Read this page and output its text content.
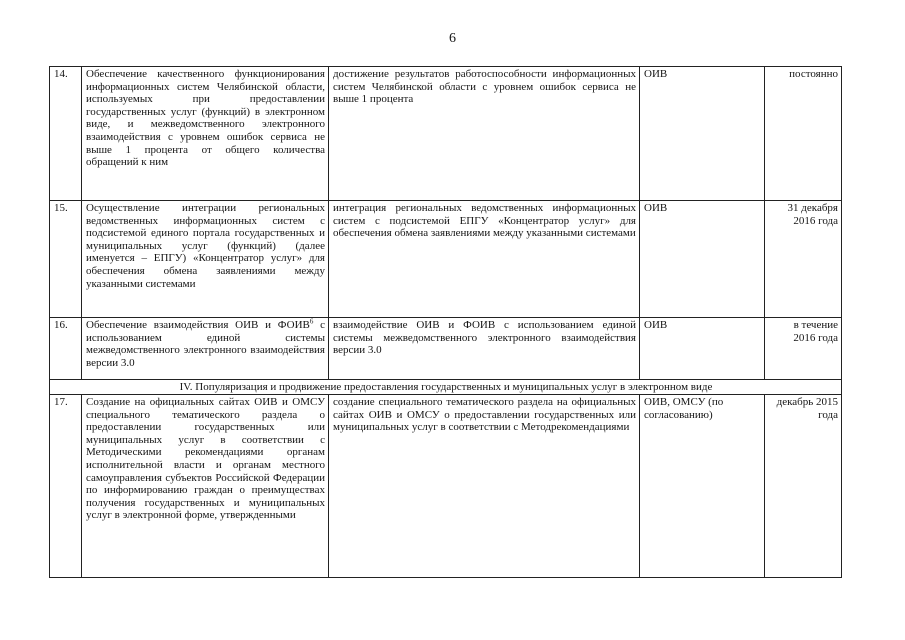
6
14.	Обеспечение качественного функционирования информационных систем Челябинской области, используемых при предоставлении государственных услуг (функций) в электронном виде, и межведомственного электронного взаимодействия с уровнем ошибок сервиса не выше 1 процента от общего количества обращений к ним	достижение результатов работоспособности информационных систем Челябинской области с уровнем ошибок сервиса не выше 1 процента	ОИВ	постоянно
15.	Осуществление интеграции региональных ведомственных информационных систем с подсистемой единого портала государственных и муниципальных услуг (функций) (далее именуется – ЕПГУ) «Концентратор услуг» для обеспечения обмена заявлениями между указанными системами	интеграция региональных ведомственных информационных систем с подсистемой ЕПГУ «Концентратор услуг» для обеспечения обмена заявлениями между указанными системами	ОИВ	31 декабря 2016 года
16.	Обеспечение взаимодействия ОИВ и ФОИВ$^6$ с использованием единой системы межведомственного электронного взаимодействия версии 3.0	взаимодействие ОИВ и ФОИВ с использованием единой системы межведомственного электронного взаимодействия версии 3.0	ОИВ	в течение 2016 года
IV. Популяризация и продвижение предоставления государственных и муниципальных услуг в электронном виде				
17.	Создание на официальных сайтах ОИВ и ОМСУ специального тематического раздела о предоставлении государственных или муниципальных услуг в соответствии с Методическими рекомендациями органам исполнительной власти и органам местного самоуправления субъектов Российской Федерации по информированию граждан о преимуществах получения государственных и муниципальных услуг в электронной форме, утвержденными	создание специального тематического раздела на официальных сайтах ОИВ и ОМСУ о предоставлении государственных или муниципальных услуг в соответствии с Методрекомендациями	ОИВ, ОМСУ (по согласованию)	декабрь 2015 года
